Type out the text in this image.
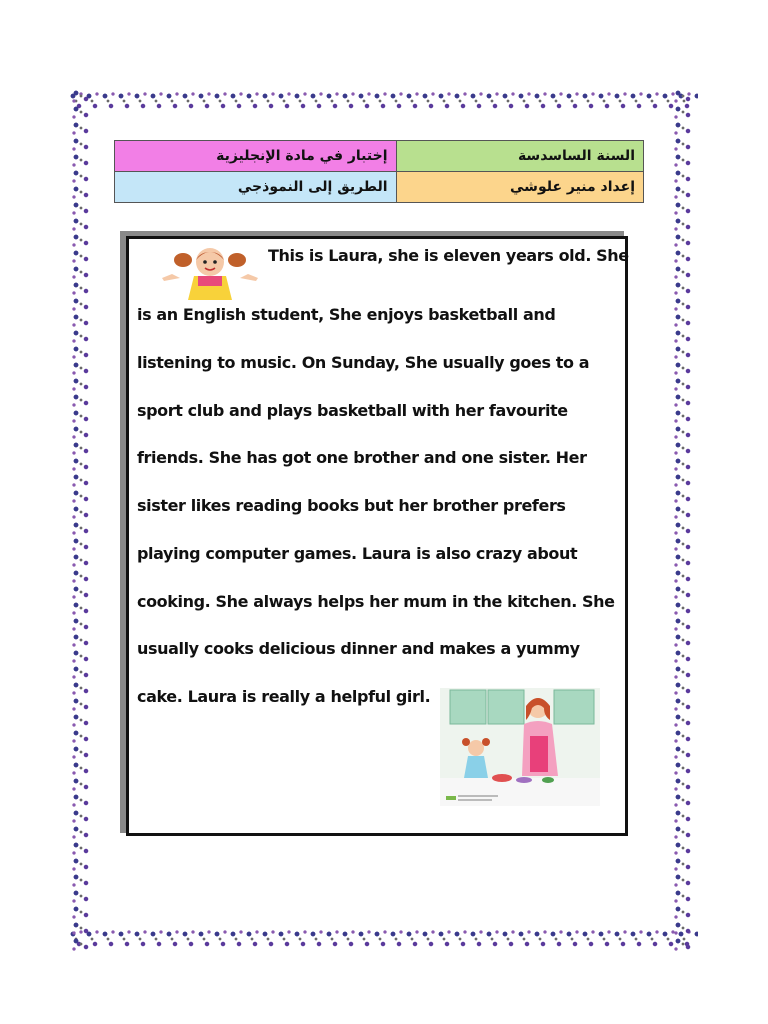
إختبار في مادة الإنجليزية	السنة الساسدسة
الطريق إلى النموذجي	إعداد منير علوشي
This is Laura, she is eleven years old. She
is an English student, She enjoys basketball and
listening to music. On Sunday, She usually goes to a
sport club and plays basketball with her favourite
friends. She has got one brother and one sister. Her
sister likes reading books but her brother prefers
playing computer games. Laura is also crazy about
cooking. She always helps her mum in the kitchen. She
usually cooks delicious dinner and makes a yummy
cake. Laura is really a helpful girl.
